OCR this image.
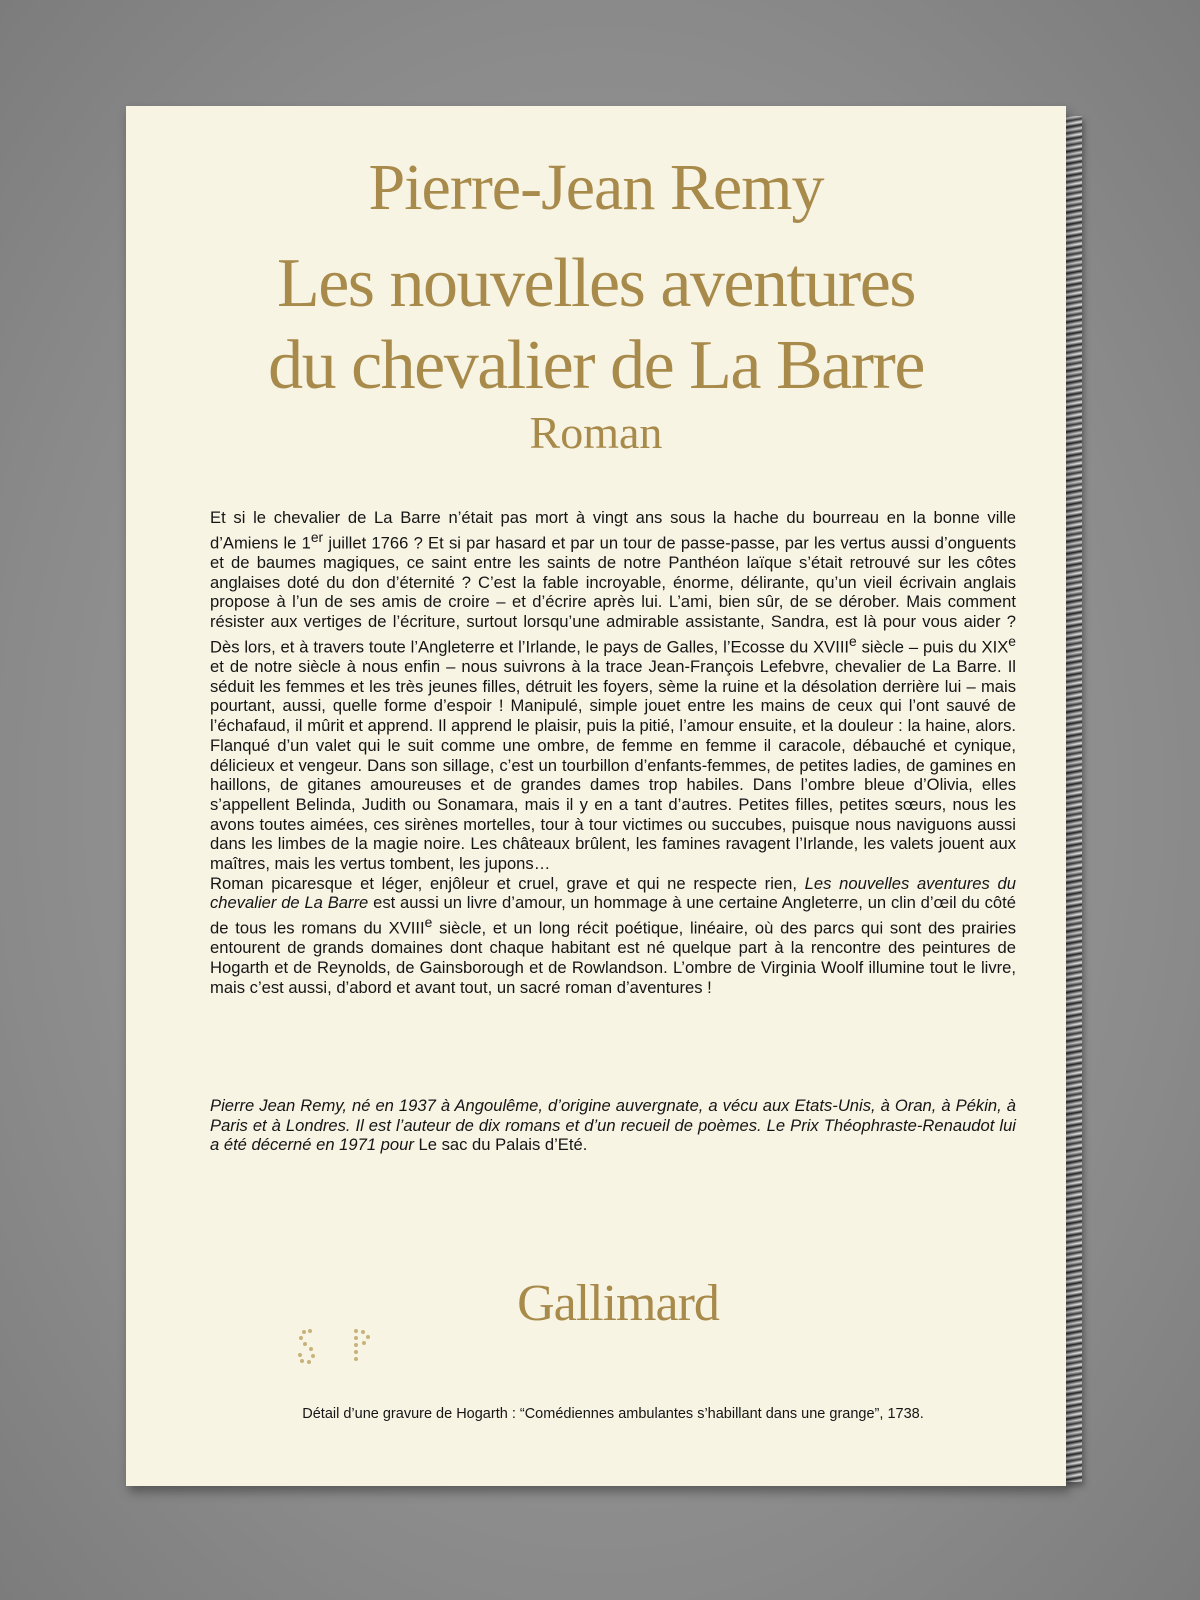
Pierre-Jean Remy
Les nouvelles aventures
du chevalier de La Barre
Roman

Et si le chevalier de La Barre n’était pas mort à vingt ans sous la hache du bourreau en la bonne ville d’Amiens le 1er juillet 1766 ? Et si par hasard et par un tour de passe-passe, par les vertus aussi d’onguents et de baumes magiques, ce saint entre les saints de notre Panthéon laïque s’était retrouvé sur les côtes anglaises doté du don d’éternité ? C’est la fable incroyable, énorme, délirante, qu’un vieil écrivain anglais propose à l’un de ses amis de croire – et d’écrire après lui. L’ami, bien sûr, de se dérober. Mais comment résister aux vertiges de l’écriture, surtout lorsqu’une admirable assistante, Sandra, est là pour vous aider ? Dès lors, et à travers toute l’Angleterre et l’Irlande, le pays de Galles, l’Ecosse du XVIIIe siècle – puis du XIXe et de notre siècle à nous enfin – nous suivrons à la trace Jean-François Lefebvre, chevalier de La Barre. Il séduit les femmes et les très jeunes filles, détruit les foyers, sème la ruine et la désolation derrière lui – mais pourtant, aussi, quelle forme d’espoir ! Manipulé, simple jouet entre les mains de ceux qui l’ont sauvé de l’échafaud, il mûrit et apprend. Il apprend le plaisir, puis la pitié, l’amour ensuite, et la douleur : la haine, alors. Flanqué d’un valet qui le suit comme une ombre, de femme en femme il caracole, débauché et cynique, délicieux et vengeur. Dans son sillage, c’est un tourbillon d’enfants-femmes, de petites ladies, de gamines en haillons, de gitanes amoureuses et de grandes dames trop habiles. Dans l’ombre bleue d’Olivia, elles s’appellent Belinda, Judith ou Sonamara, mais il y en a tant d’autres. Petites filles, petites sœurs, nous les avons toutes aimées, ces sirènes mortelles, tour à tour victimes ou succubes, puisque nous naviguons aussi dans les limbes de la magie noire. Les châteaux brûlent, les famines ravagent l’Irlande, les valets jouent aux maîtres, mais les vertus tombent, les jupons…

Roman picaresque et léger, enjôleur et cruel, grave et qui ne respecte rien, Les nouvelles aventures du chevalier de La Barre est aussi un livre d’amour, un hommage à une certaine Angleterre, un clin d’œil du côté de tous les romans du XVIIIe siècle, et un long récit poétique, linéaire, où des parcs qui sont des prairies entourent de grands domaines dont chaque habitant est né quelque part à la rencontre des peintures de Hogarth et de Reynolds, de Gainsborough et de Rowlandson. L’ombre de Virginia Woolf illumine tout le livre, mais c’est aussi, d’abord et avant tout, un sacré roman d’aventures !

Pierre Jean Remy, né en 1937 à Angoulême, d’origine auvergnate, a vécu aux Etats-Unis, à Oran, à Pékin, à Paris et à Londres. Il est l’auteur de dix romans et d’un recueil de poèmes. Le Prix Théophraste-Renaudot lui a été décerné en 1971 pour Le sac du Palais d’Eté.
Gallimard
Détail d’une gravure de Hogarth : “Comédiennes ambulantes s’habillant dans une grange”, 1738.
